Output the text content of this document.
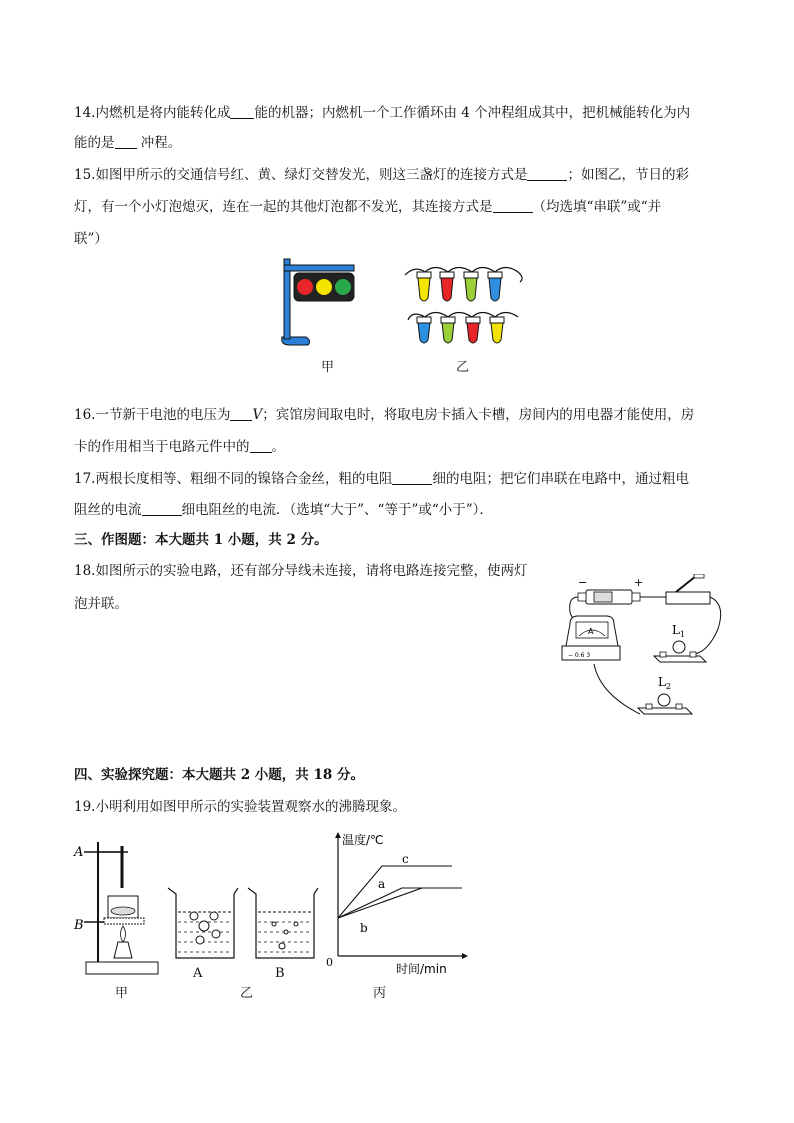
14.内燃机是将内能转化成 能的机器；内燃机一个工作循环由 4 个冲程组成其中，把机械能转化为内
能的是 冲程。
15.如图甲所示的交通信号红、黄、绿灯交替发光，则这三盏灯的连接方式是	；如图乙，节日的彩
灯，有一个小灯泡熄灭，连在一起的其他灯泡都不发光，其连接方式是	（均选填“串联”或“并
联”）
甲	乙
16.一节新干电池的电压为 V；宾馆房间取电时，将取电房卡插入卡槽，房间内的用电器才能使用，房
卡的作用相当于电路元件中的 。
17.两根长度相等、粗细不同的镍铬合金丝，粗的电阻	细的电阻；把它们串联在电路中，通过粗电
阻丝的电流	细电阻丝的电流．（选填“大于”、“等于”或“小于”）．
三、作图题：本大题共 1 小题，共 2 分。
18.如图所示的实验电路，还有部分导线未连接，请将电路连接完整，使两灯
泡并联。
−	+
A
− 0.6 3
L 1
L 2
四、实验探究题：本大题共 2 小题，共 18 分。
19.小明利用如图甲所示的实验装置观察水的沸腾现象。
A
B
甲
A	B
乙
温度/℃
时间/min
0
c
a
b
丙
